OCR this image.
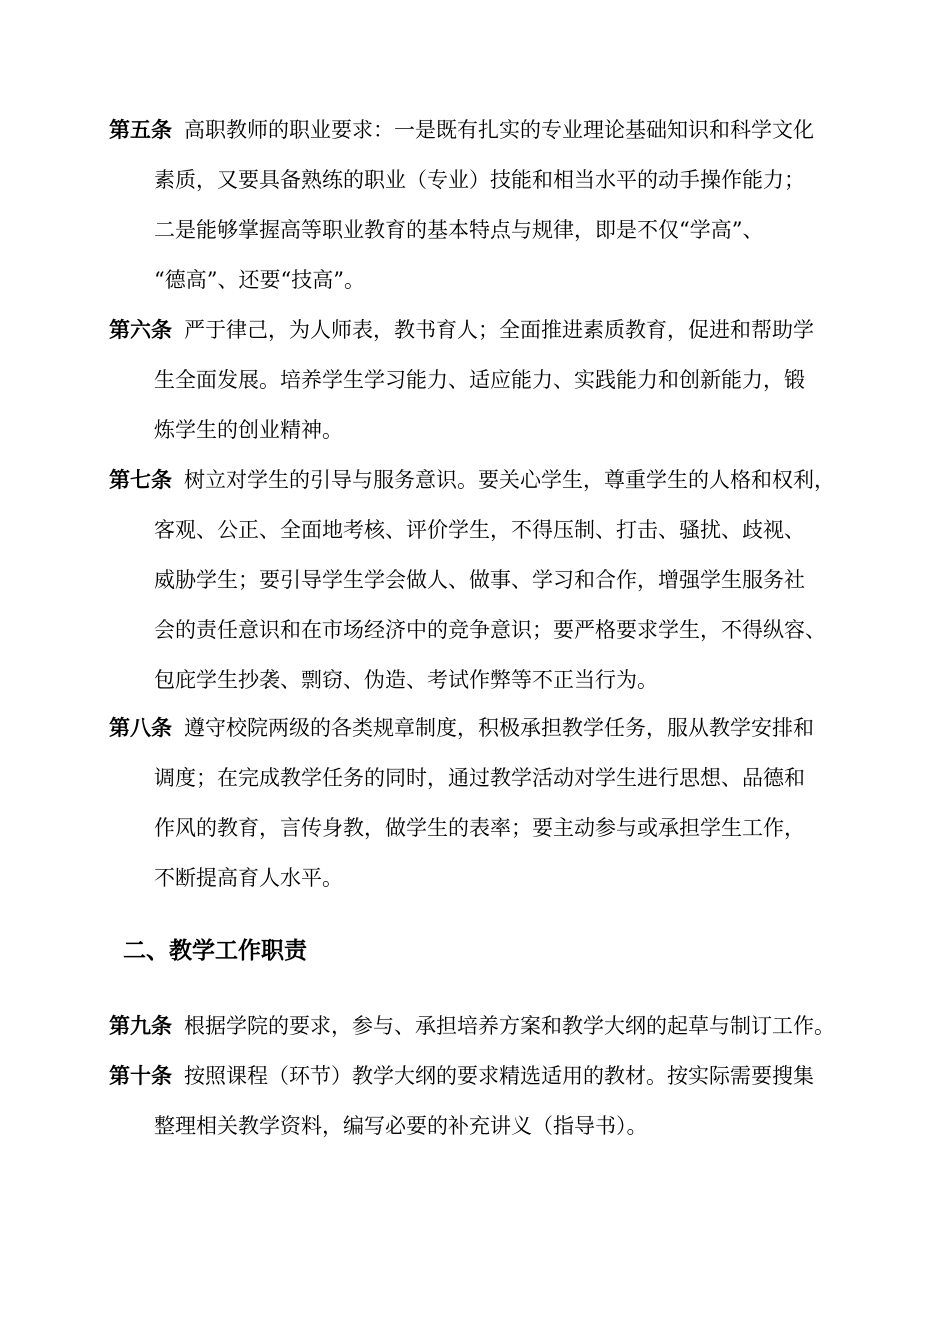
第五条 高职教师的职业要求：一是既有扎实的专业理论基础知识和科学文化
素质，又要具备熟练的职业（专业）技能和相当水平的动手操作能力；
二是能够掌握高等职业教育的基本特点与规律，即是不仅“学高”、
“德高”、还要“技高”。
第六条 严于律己，为人师表，教书育人；全面推进素质教育，促进和帮助学
生全面发展。培养学生学习能力、适应能力、实践能力和创新能力，锻
炼学生的创业精神。
第七条 树立对学生的引导与服务意识。要关心学生，尊重学生的人格和权利，
客观、公正、全面地考核、评价学生，不得压制、打击、骚扰、歧视、
威胁学生；要引导学生学会做人、做事、学习和合作，增强学生服务社
会的责任意识和在市场经济中的竞争意识；要严格要求学生，不得纵容、
包庇学生抄袭、剽窃、伪造、考试作弊等不正当行为。
第八条 遵守校院两级的各类规章制度，积极承担教学任务，服从教学安排和
调度；在完成教学任务的同时，通过教学活动对学生进行思想、品德和
作风的教育，言传身教，做学生的表率；要主动参与或承担学生工作，
不断提高育人水平。
二、教学工作职责
第九条 根据学院的要求，参与、承担培养方案和教学大纲的起草与制订工作。
第十条 按照课程（环节）教学大纲的要求精选适用的教材。按实际需要搜集
整理相关教学资料，编写必要的补充讲义（指导书）。
